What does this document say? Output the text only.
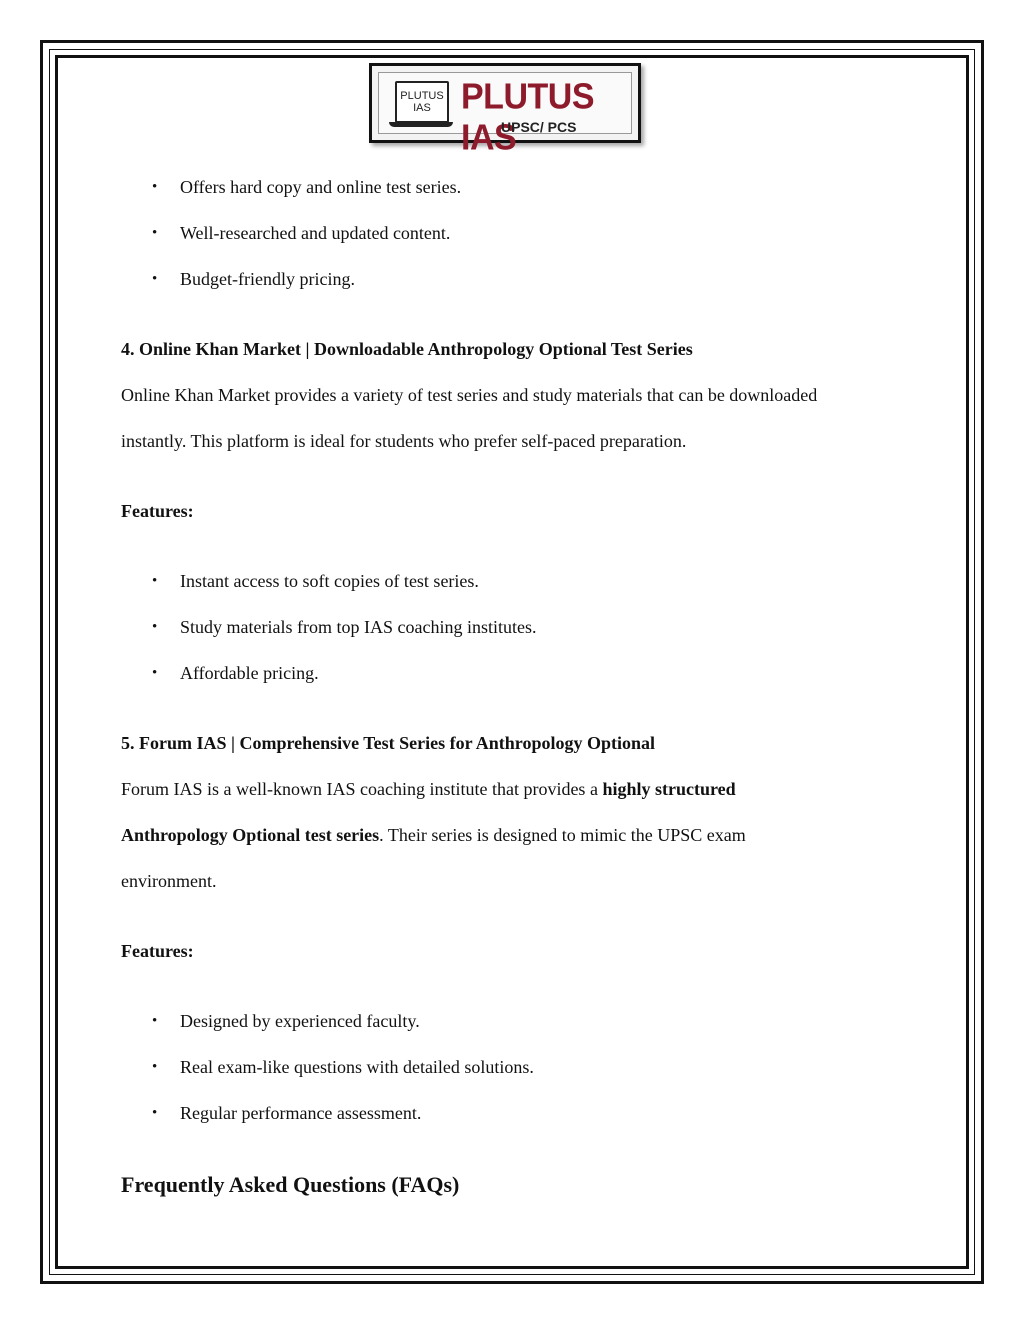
PLUTUS
IAS PLUTUS IAS
UPSC/ PCS
• Offers hard copy and online test series.
• Well-researched and updated content.
• Budget-friendly pricing.
4. Online Khan Market | Downloadable Anthropology Optional Test Series
Online Khan Market provides a variety of test series and study materials that can be downloaded
instantly. This platform is ideal for students who prefer self-paced preparation.
Features:
• Instant access to soft copies of test series.
• Study materials from top IAS coaching institutes.
• Affordable pricing.
5. Forum IAS | Comprehensive Test Series for Anthropology Optional
Forum IAS is a well-known IAS coaching institute that provides a highly structured
Anthropology Optional test series. Their series is designed to mimic the UPSC exam
environment.
Features:
• Designed by experienced faculty.
• Real exam-like questions with detailed solutions.
• Regular performance assessment.
Frequently Asked Questions (FAQs)
